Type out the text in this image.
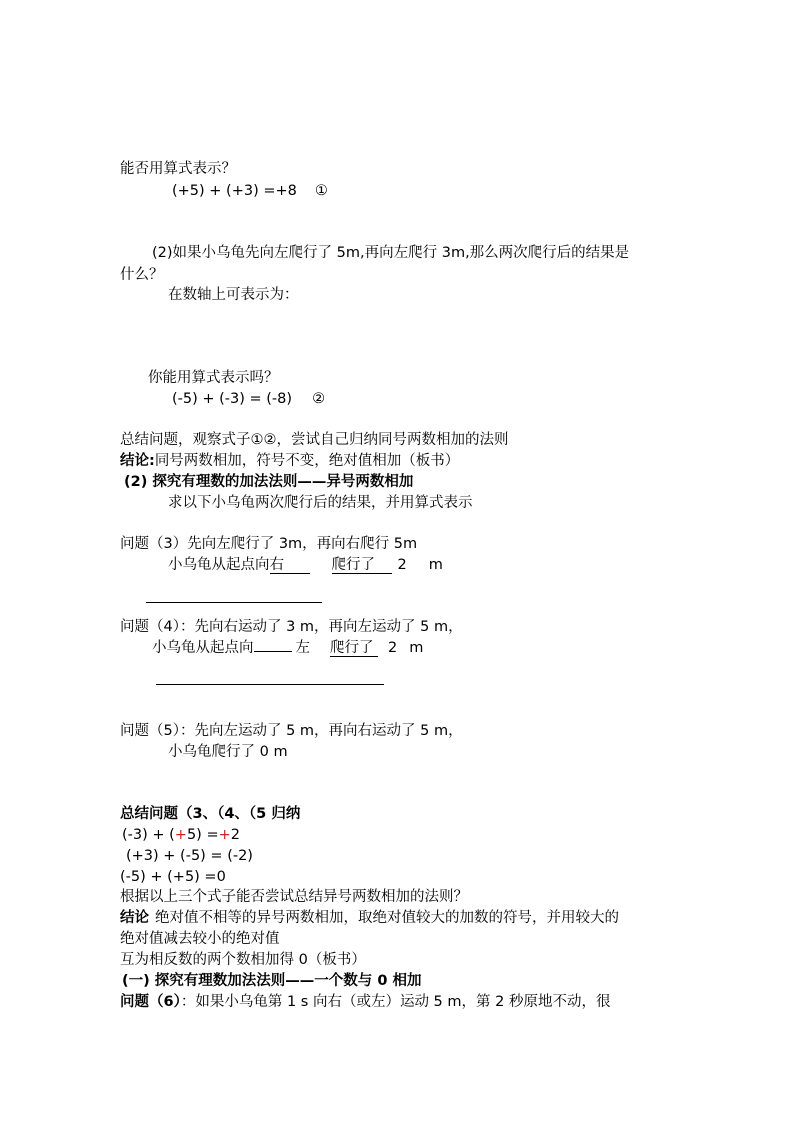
能否用算式表示？
(+5) + (+3) =+8 ①
(2)如果小乌龟先向左爬行了 5m,再向左爬行 3m,那么两次爬行后的结果是
什么？
在数轴上可表示为：
你能用算式表示吗？
(-5) + (-3) = (-8) ②
总结问题，观察式子①②，尝试自己归纳同号两数相加的法则
结论:同号两数相加，符号不变，绝对值相加（板书）
(2) 探究有理数的加法法则——异号两数相加
求以下小乌龟两次爬行后的结果，并用算式表示
问题（3）先向左爬行了 3m，再向右爬行 5m
小乌龟从起点向右	爬行了 2 m
问题（4）：先向右运动了 3 m，再向左运动了 5 m，
小乌龟从起点向	左 爬行了 2 m
问题（5）：先向左运动了 5 m，再向右运动了 5 m，
小乌龟爬行了 0 m
总结问题（3、（4、（5 归纳
(-3) + (+5) =+2
(+3) + (-5) = (-2)
(-5) + (+5) =0
根据以上三个式子能否尝试总结异号两数相加的法则？
结论 绝对值不相等的异号两数相加，取绝对值较大的加数的符号，并用较大的
绝对值减去较小的绝对值
互为相反数的两个数相加得 0（板书）
(一) 探究有理数加法法则——一个数与 0 相加
问题（6）：如果小乌龟第 1 s 向右（或左）运动 5 m，第 2 秒原地不动，很
